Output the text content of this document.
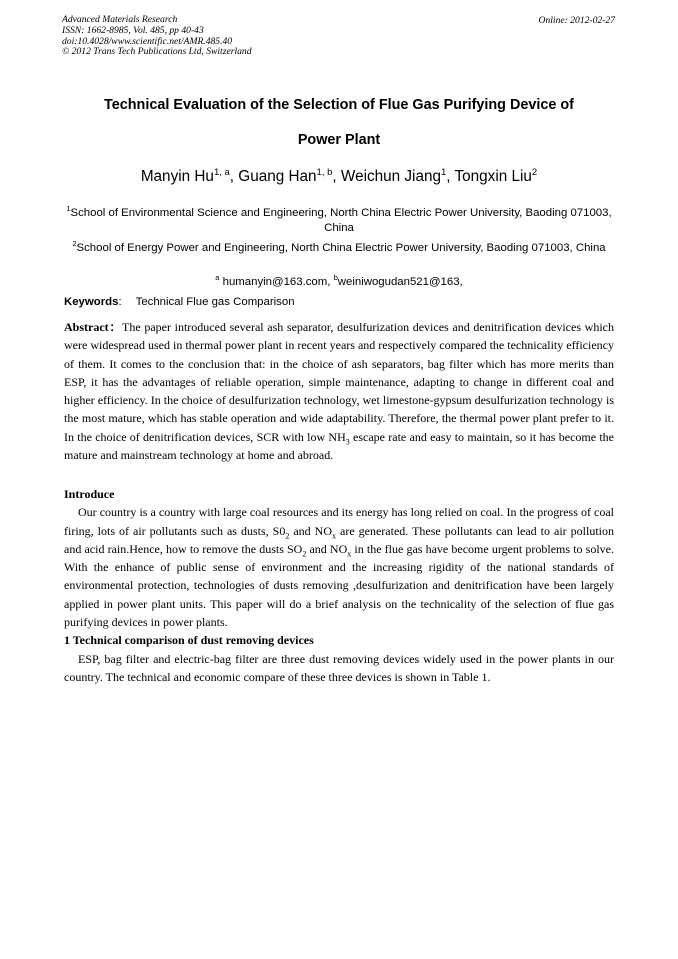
Advanced Materials Research
ISSN: 1662-8985, Vol. 485, pp 40-43
doi:10.4028/www.scientific.net/AMR.485.40
© 2012 Trans Tech Publications Ltd, Switzerland
Online: 2012-02-27
Technical Evaluation of the Selection of Flue Gas Purifying Device of
Power Plant
Manyin Hu$^{1, a}$, Guang Han$^{1, b}$, Weichun Jiang$^1$, Tongxin Liu$^2$
$^1$School of Environmental Science and Engineering, North China Electric Power University, Baoding 071003, China
$^2$School of Energy Power and Engineering, North China Electric Power University, Baoding 071003, China
$^a$ humanyin@163.com, $^b$weiniwogudan521@163,
Keywords: Technical Flue gas Comparison

Abstract：The paper introduced several ash separator, desulfurization devices and denitrification devices which were widespread used in thermal power plant in recent years and respectively compared the technicality efficiency of them. It comes to the conclusion that: in the choice of ash separators, bag filter which has more merits than ESP, it has the advantages of reliable operation, simple maintenance, adapting to change in different coal and higher efficiency. In the choice of desulfurization technology, wet limestone-gypsum desulfurization technology is the most mature, which has stable operation and wide adaptability. Therefore, the thermal power plant prefer to it. In the choice of denitrification devices, SCR with low $NH_3$ escape rate and easy to maintain, so it has become the mature and mainstream technology at home and abroad.

Introduce

Our country is a country with large coal resources and its energy has long relied on coal. In the progress of coal firing, lots of air pollutants such as dusts, $S0_2$ and $NO_x$ are generated. These pollutants can lead to air pollution and acid rain.Hence, how to remove the dusts $SO_2$ and $NO_x$ in the flue gas have become urgent problems to solve. With the enhance of public sense of environment and the increasing rigidity of the national standards of environmental protection, technologies of dusts removing ,desulfurization and denitrification have been largely applied in power plant units. This paper will do a brief analysis on the technicality of the selection of flue gas purifying devices in power plants.

1 Technical comparison of dust removing devices

ESP, bag filter and electric-bag filter are three dust removing devices widely used in the power plants in our country. The technical and economic compare of these three devices is shown in Table 1.
